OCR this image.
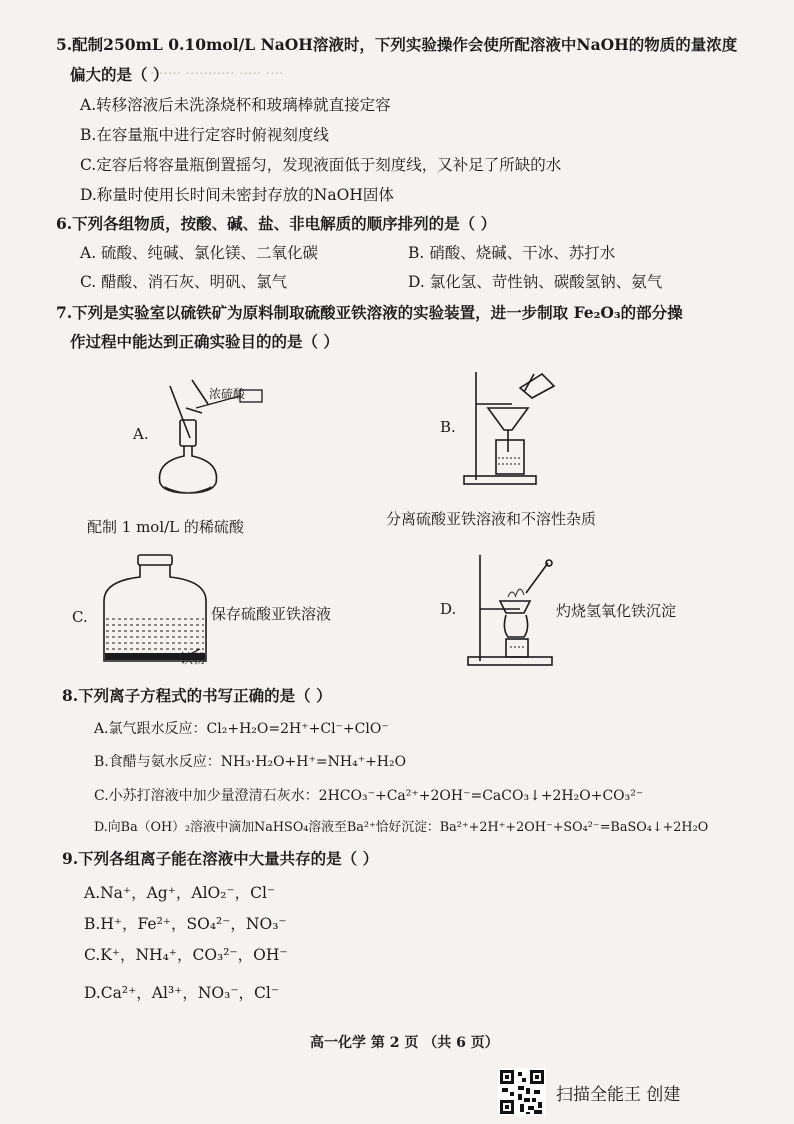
....... ........... ..... ....
5.配制250mL 0.10mol/L NaOH溶液时，下列实验操作会使所配溶液中NaOH的物质的量浓度
偏大的是（ ）
A.转移溶液后未洗涤烧杯和玻璃棒就直接定容
B.在容量瓶中进行定容时俯视刻度线
C.定容后将容量瓶倒置摇匀，发现液面低于刻度线，又补足了所缺的水
D.称量时使用长时间未密封存放的NaOH固体
6.下列各组物质，按酸、碱、盐、非电解质的顺序排列的是（ ）
A. 硫酸、纯碱、氯化镁、二氧化碳	B. 硝酸、烧碱、干冰、苏打水
C. 醋酸、消石灰、明矾、氯气	D. 氯化氢、苛性钠、碳酸氢钠、氨气
7.下列是实验室以硫铁矿为原料制取硫酸亚铁溶液的实验装置，进一步制取 Fe₂O₃的部分操
作过程中能达到正确实验目的的是（ ）
A.
浓硫酸
配制 1 mol/L 的稀硫酸
B.
分离硫酸亚铁溶液和不溶性杂质
C.
铁粉
保存硫酸亚铁溶液	D.	灼烧氢氧化铁沉淀
8.下列离子方程式的书写正确的是（ ）
A.氯气跟水反应：Cl₂+H₂O=2H⁺+Cl⁻+ClO⁻
B.食醋与氨水反应：NH₃·H₂O+H⁺=NH₄⁺+H₂O
C.小苏打溶液中加少量澄清石灰水：2HCO₃⁻+Ca²⁺+2OH⁻=CaCO₃↓+2H₂O+CO₃²⁻
D.向Ba（OH）₂溶液中滴加NaHSO₄溶液至Ba²⁺恰好沉淀：Ba²⁺+2H⁺+2OH⁻+SO₄²⁻=BaSO₄↓+2H₂O
9.下列各组离子能在溶液中大量共存的是（ ）
A.Na⁺，Ag⁺，AlO₂⁻，Cl⁻
B.H⁺，Fe²⁺，SO₄²⁻，NO₃⁻
C.K⁺，NH₄⁺，CO₃²⁻，OH⁻
D.Ca²⁺，Al³⁺，NO₃⁻，Cl⁻
高一化学 第 2 页 （共 6 页）
扫描全能王 创建
